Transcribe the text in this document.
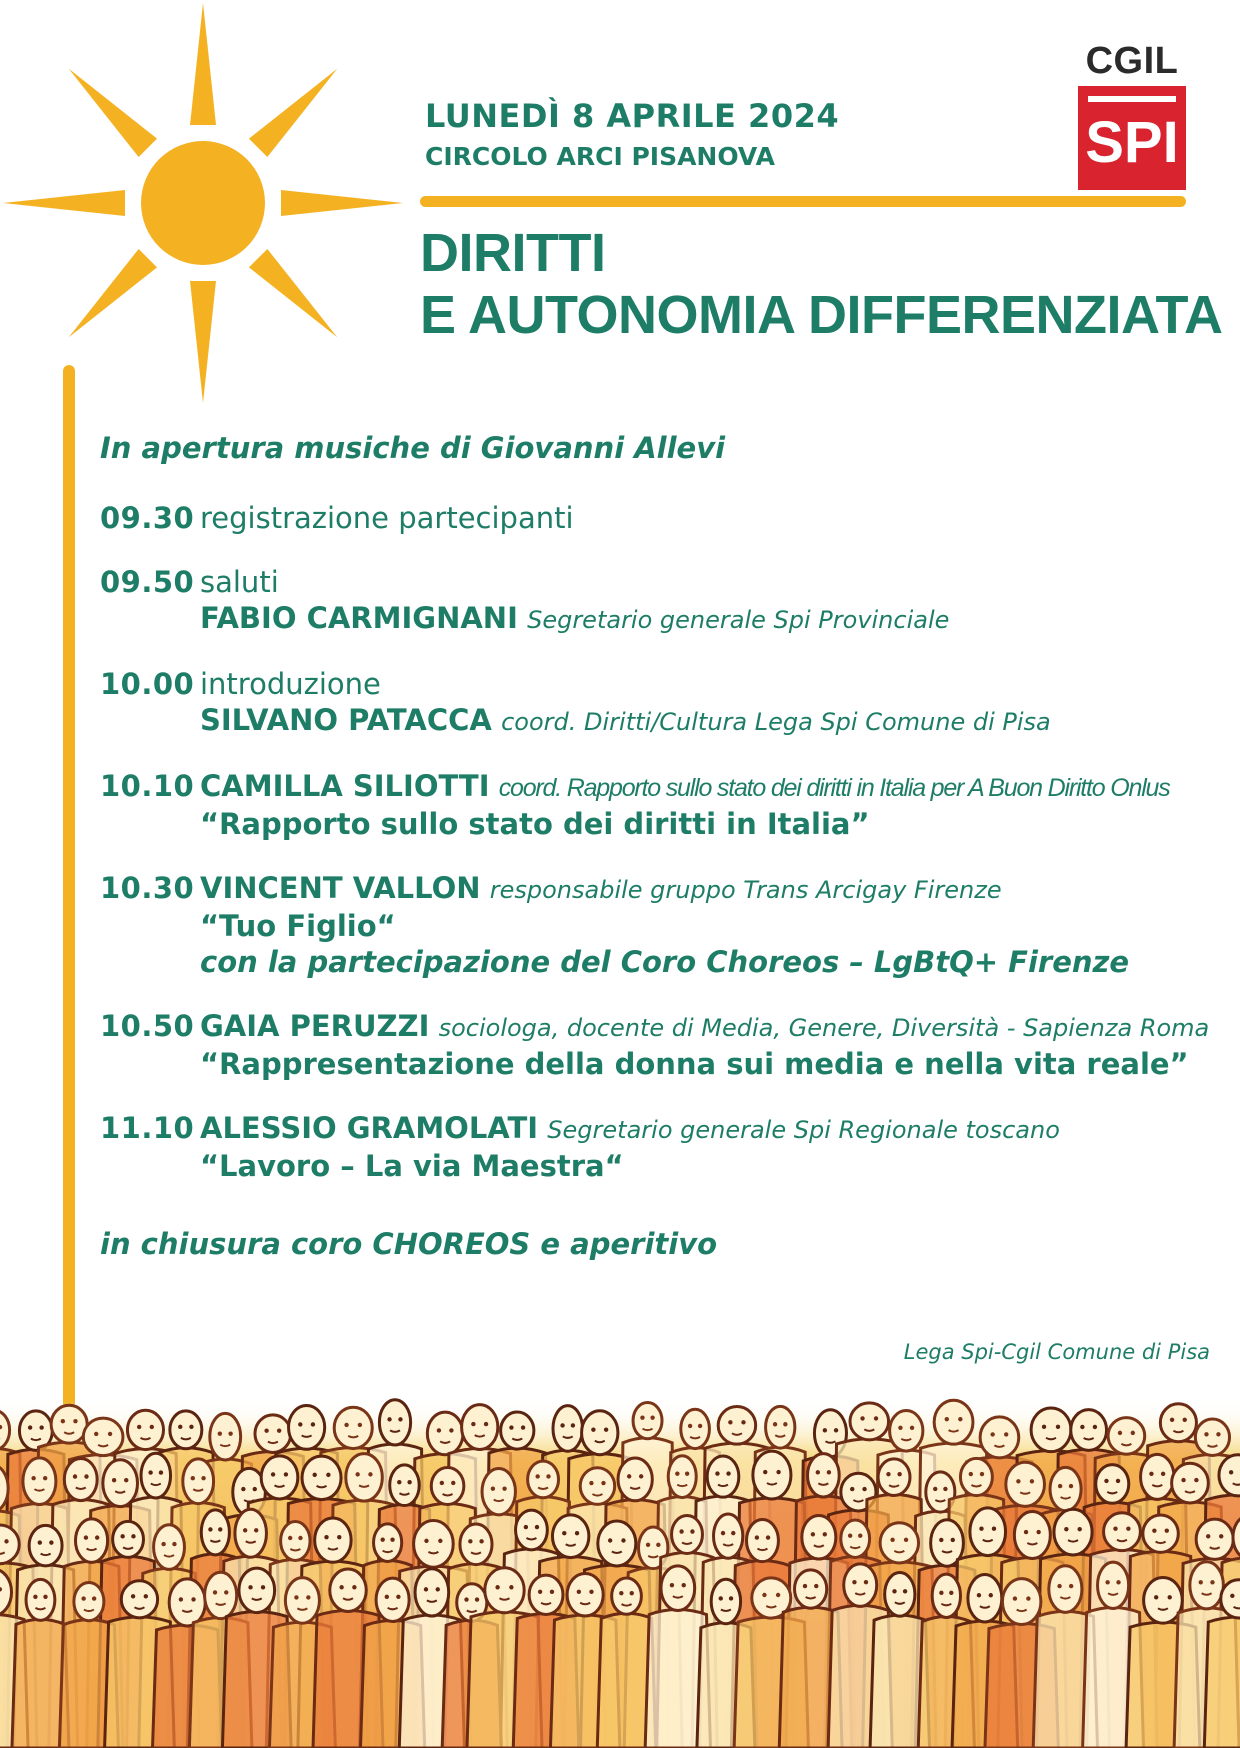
LUNEDÌ 8 APRILE 2024
CIRCOLO ARCI PISANOVA
DIRITTI
E AUTONOMIA DIFFERENZIATA
CGIL
SPI
In apertura musiche di Giovanni Allevi
09.30 registrazione partecipanti
09.50 saluti
FABIO CARMIGNANI Segretario generale Spi Provinciale
10.00 introduzione
SILVANO PATACCA coord. Diritti/Cultura Lega Spi Comune di Pisa
10.10 CAMILLA SILIOTTI coord. Rapporto sullo stato dei diritti in Italia per A Buon Diritto Onlus
“Rapporto sullo stato dei diritti in Italia”
10.30 VINCENT VALLON responsabile gruppo Trans Arcigay Firenze
“Tuo Figlio“
con la partecipazione del Coro Choreos – LgBtQ+ Firenze
10.50 GAIA PERUZZI sociologa, docente di Media, Genere, Diversità - Sapienza Roma
“Rappresentazione della donna sui media e nella vita reale”
11.10 ALESSIO GRAMOLATI Segretario generale Spi Regionale toscano
“Lavoro – La via Maestra“
in chiusura coro CHOREOS e aperitivo
Lega Spi-Cgil Comune di Pisa
